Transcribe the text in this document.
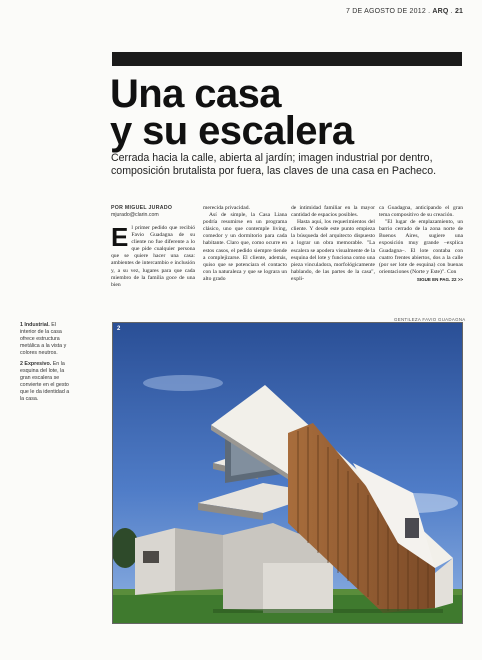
7 DE AGOSTO DE 2012 . ARQ . 21
Una casa
y su escalera

Cerrada hacia la calle, abierta al jardín; imagen industrial por dentro, composición brutalista por fuera, las claves de una casa en Pacheco.

POR MIGUEL JURADO
mjurado@clarin.com
El primer pedido que recibió Favio Guadagna de su cliente no fue diferente a lo que pide cualquier persona que se quiere hacer una casa: ambientes de intercambio e inclusión y, a su vez, lugares para que cada miembro de la familia goce de una bien

merecida privacidad.

Así de simple, la Casa Liana podría resumirse en un programa clásico, uno que contemple living, comedor y un dormitorio para cada habitante. Claro que, como ocurre en estos casos, el pedido siempre tiende a complejizarse. El cliente, además, quiso que se potenciara el contacto con la naturaleza y que se lograra un alto grado

de intimidad familiar en la mayor cantidad de espacios posibles.

Hasta aquí, los requerimientos del cliente. Y desde este punto empieza la búsqueda del arquitecto dispuesto a lograr un obra memorable. "La escalera se apodera visualmente de la esquina del lote y funciona como una pieza vinculadora, morfológicamente hablando, de las partes de la casa", expli-

ca Guadagna, anticipando el gran tema compositivo de su creación.

"El lugar de emplazamiento, un barrio cerrado de la zona norte de Buenos Aires, sugiere una exposición muy grande –explica Guadagna–. El lote contaba con cuatro frentes abiertos, dos a la calle (por ser lote de esquina) con buenas orientaciones (Norte y Este)". Con

SIGUE EN PAG. 22 >>

1 Industrial. El interior de la casa ofrece estructura metálica a la vista y colores neutros.

2 Expresivo. En la esquina del lote, la gran escalera se convierte en el gesto que le da identidad a la casa.

GENTILEZA FAVIO GUADAGNA
2
